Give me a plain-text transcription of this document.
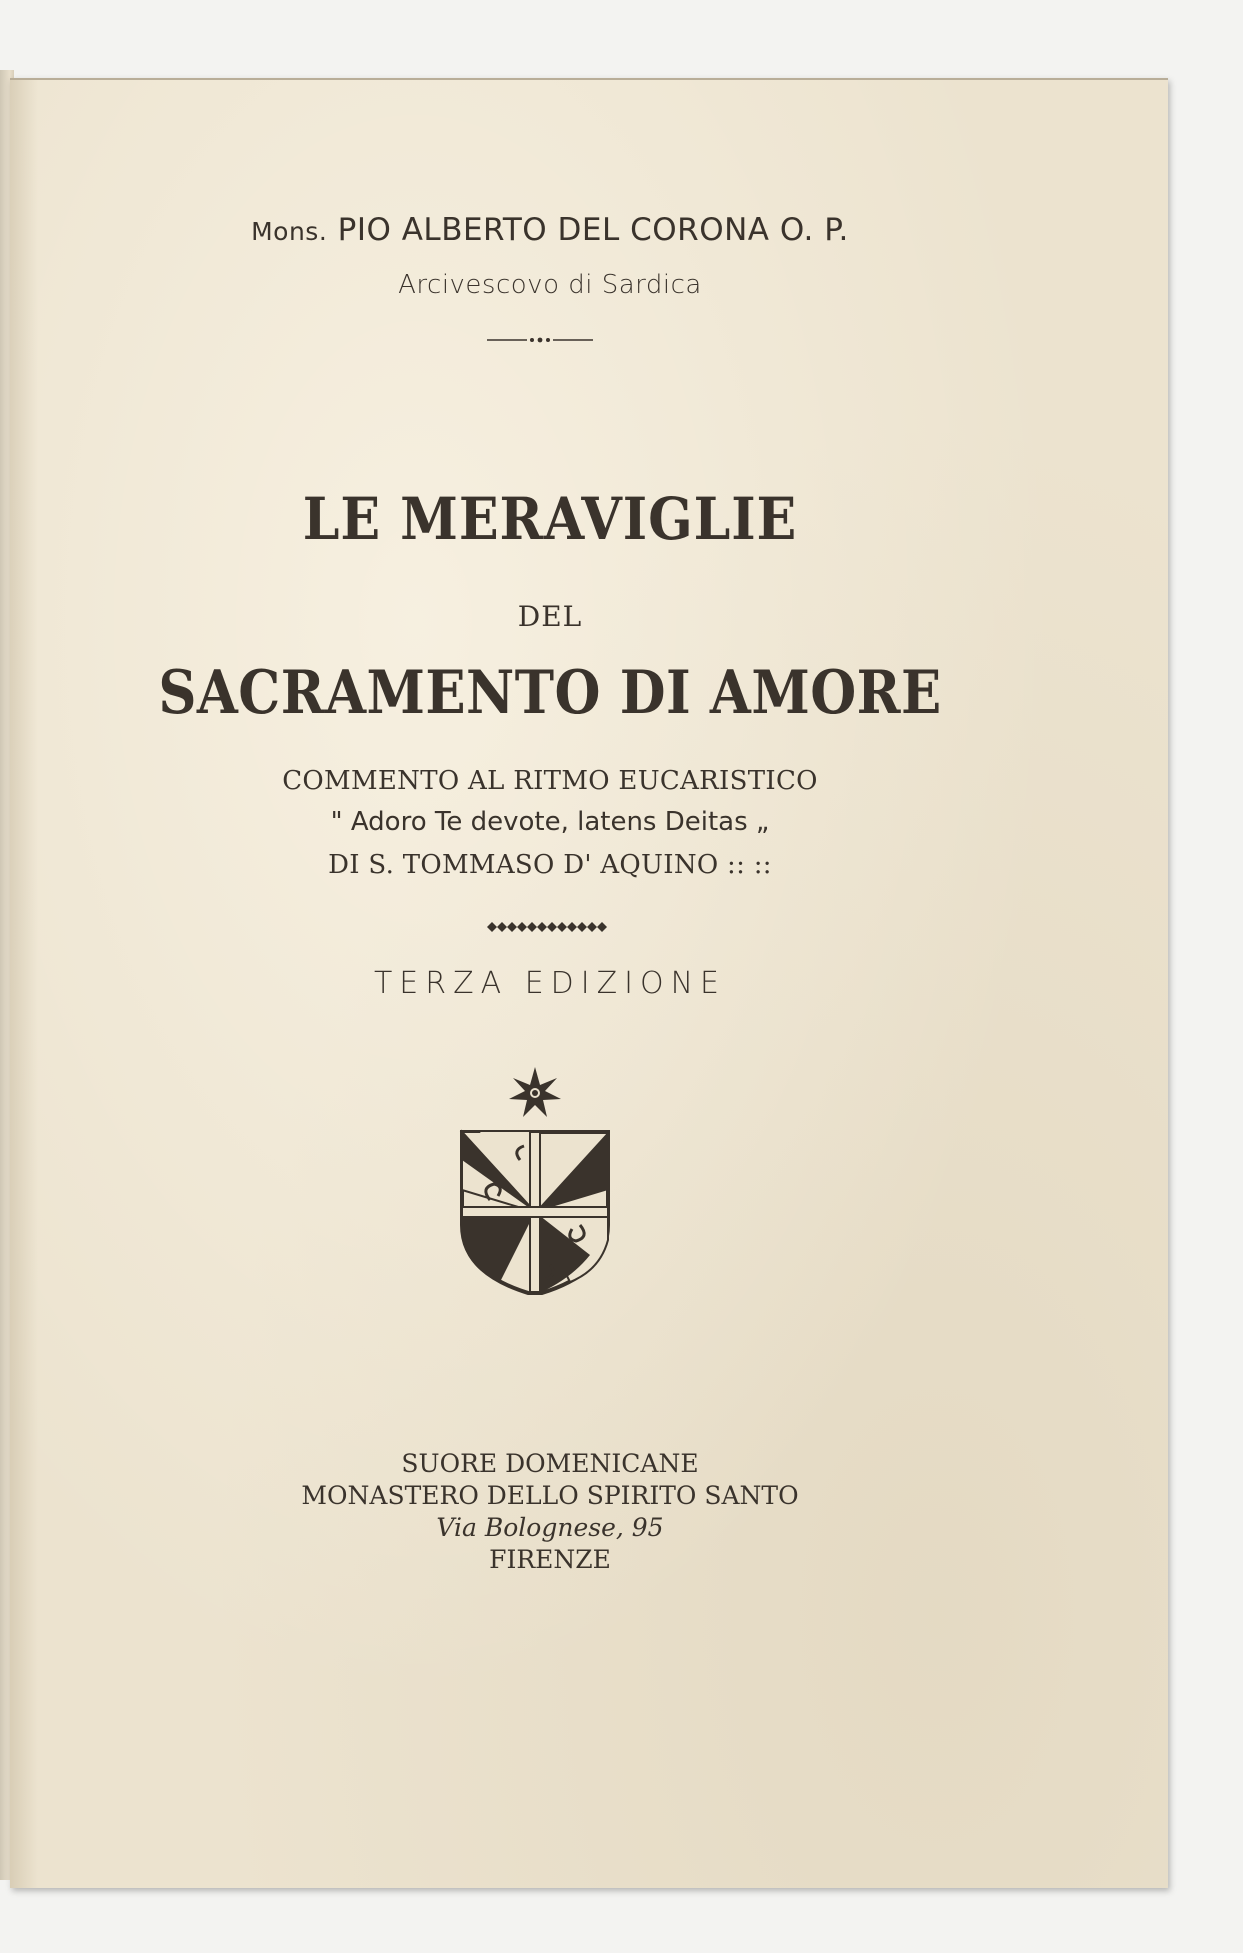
Mons. PIO ALBERTO DEL CORONA O. P.
Arcivescovo di Sardica
LE MERAVIGLIE
DEL
SACRAMENTO DI AMORE
COMMENTO AL RITMO EUCARISTICO
" Adoro Te devote, latens Deitas „
DI S. TOMMASO D' AQUINO :: ::
TERZA EDIZIONE
SUORE DOMENICANE
MONASTERO DELLO SPIRITO SANTO
Via Bolognese, 95
FIRENZE
